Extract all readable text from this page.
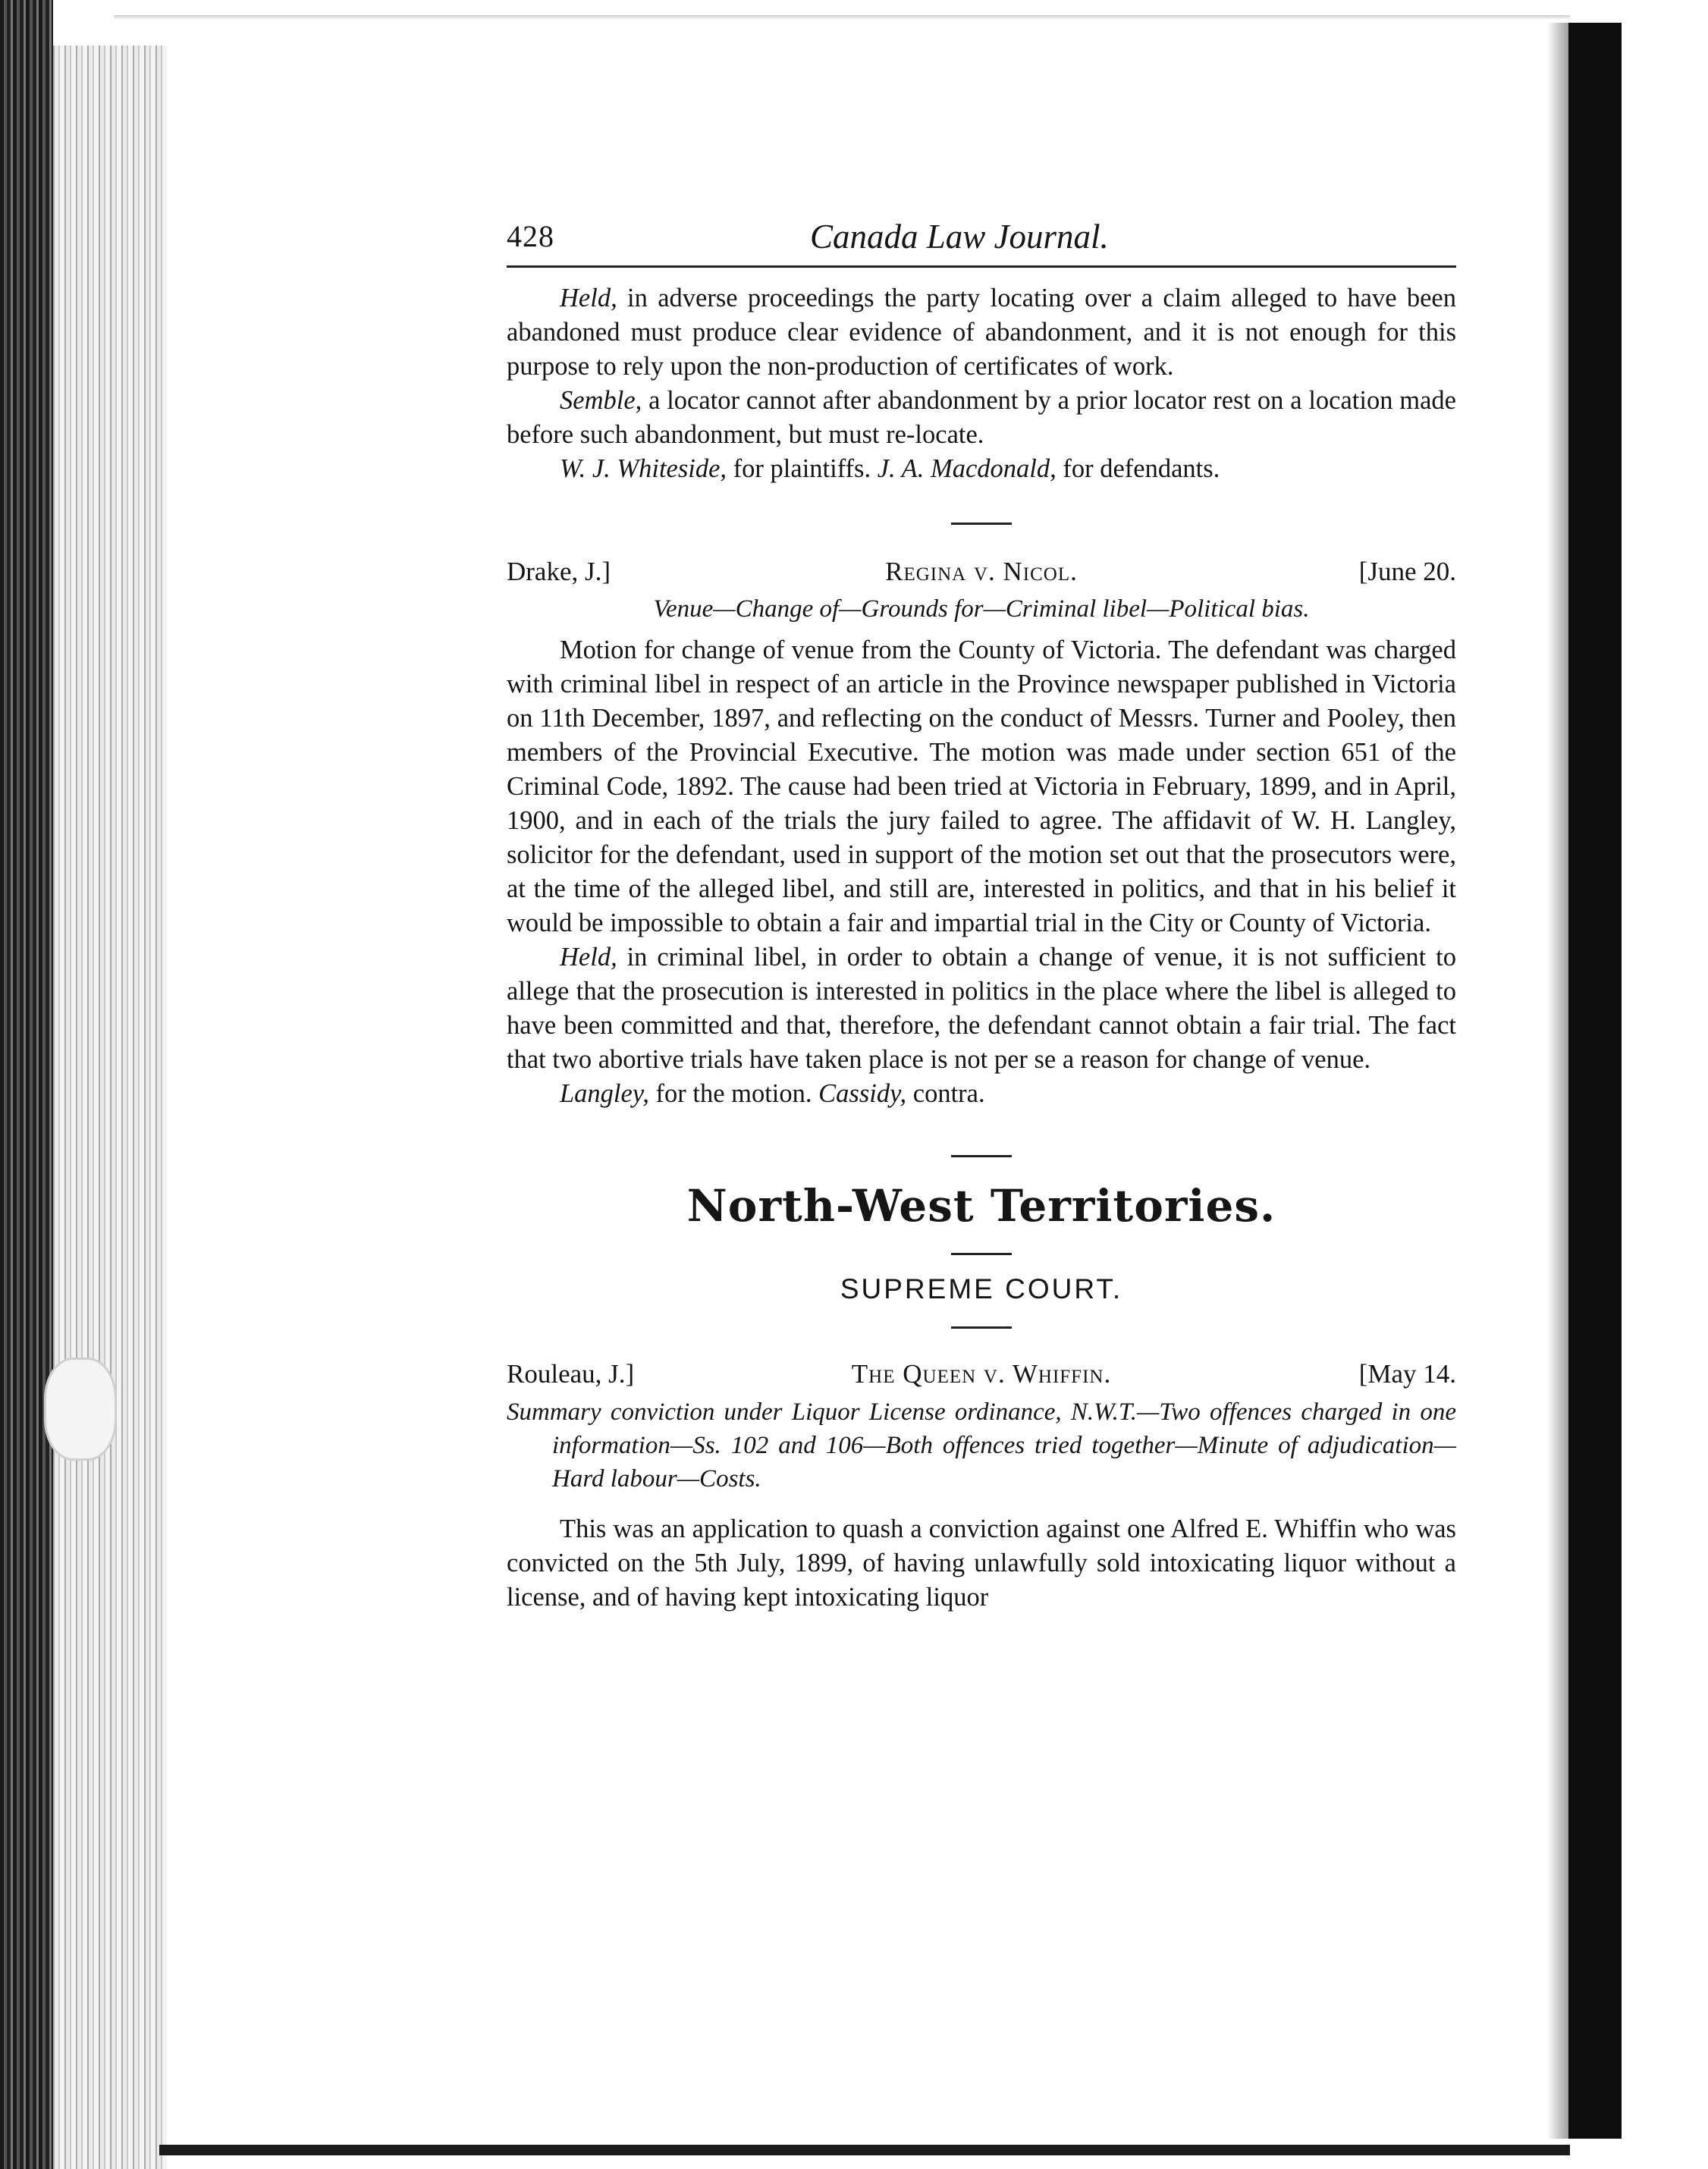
428	Canada Law Journal.

Held, in adverse proceedings the party locating over a claim alleged to have been abandoned must produce clear evidence of abandonment, and it is not enough for this purpose to rely upon the non-production of certificates of work.

Semble, a locator cannot after abandonment by a prior locator rest on a location made before such abandonment, but must re-locate.

W. J. Whiteside, for plaintiffs. J. A. Macdonald, for defendants.
Drake, J.]	Regina v. Nicol.	[June 20.
Venue—Change of—Grounds for—Criminal libel—Political bias.

Motion for change of venue from the County of Victoria. The defendant was charged with criminal libel in respect of an article in the Province newspaper published in Victoria on 11th December, 1897, and reflecting on the conduct of Messrs. Turner and Pooley, then members of the Provincial Executive. The motion was made under section 651 of the Criminal Code, 1892. The cause had been tried at Victoria in February, 1899, and in April, 1900, and in each of the trials the jury failed to agree. The affidavit of W. H. Langley, solicitor for the defendant, used in support of the motion set out that the prosecutors were, at the time of the alleged libel, and still are, interested in politics, and that in his belief it would be impossible to obtain a fair and impartial trial in the City or County of Victoria.

Held, in criminal libel, in order to obtain a change of venue, it is not sufficient to allege that the prosecution is interested in politics in the place where the libel is alleged to have been committed and that, therefore, the defendant cannot obtain a fair trial. The fact that two abortive trials have taken place is not per se a reason for change of venue.

Langley, for the motion. Cassidy, contra.
North-West Territories.
SUPREME COURT.
Rouleau, J.]	The Queen v. Whiffin.	[May 14.
Summary conviction under Liquor License ordinance, N.W.T.—Two offences charged in one information—Ss. 102 and 106—Both offences tried together—Minute of adjudication—Hard labour—Costs.

This was an application to quash a conviction against one Alfred E. Whiffin who was convicted on the 5th July, 1899, of having unlawfully sold intoxicating liquor without a license, and of having kept intoxicating liquor
